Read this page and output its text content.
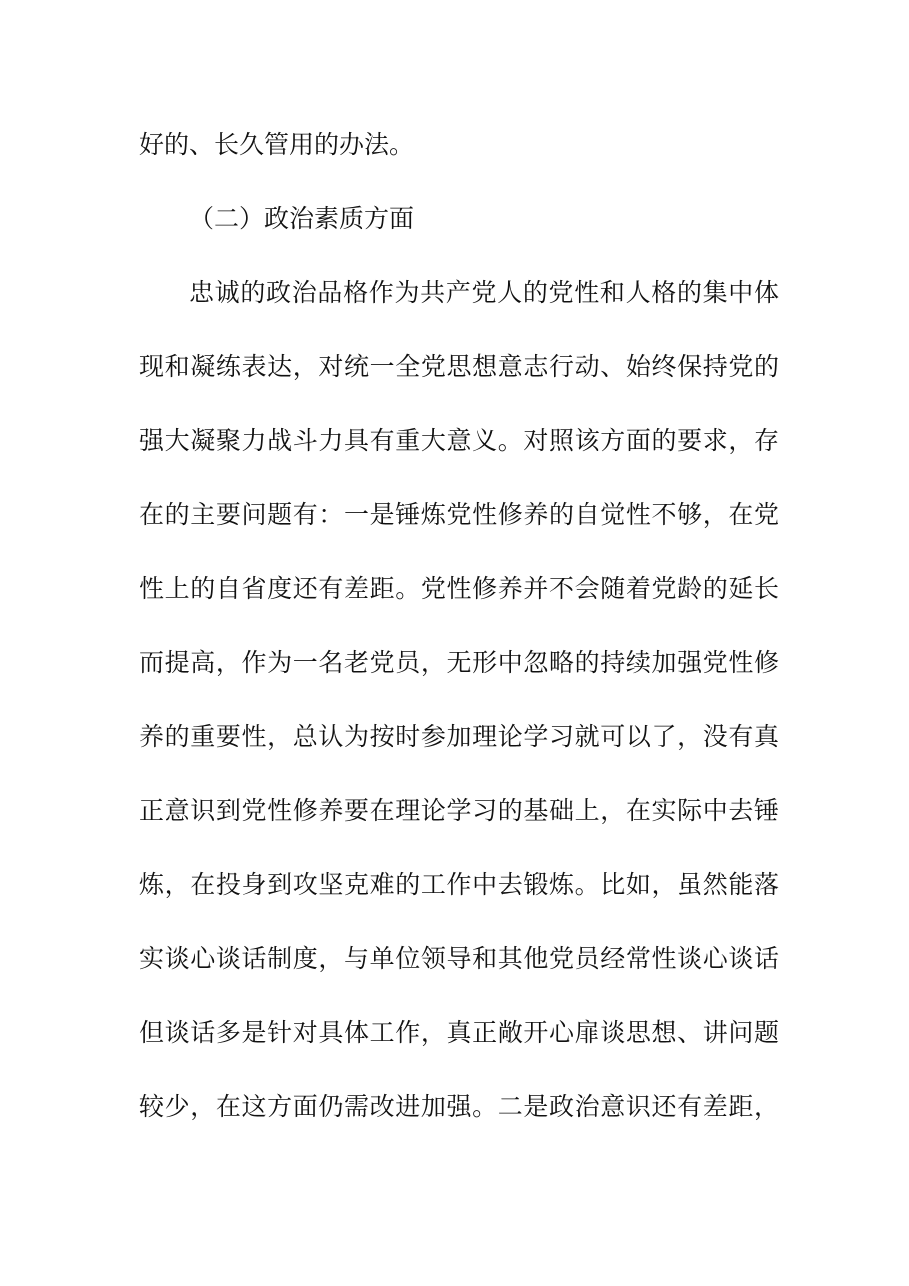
好的、长久管用的办法。
（二）政治素质方面
忠诚的政治品格作为共产党人的党性和人格的集中体
现和凝练表达，对统一全党思想意志行动、始终保持党的
强大凝聚力战斗力具有重大意义。对照该方面的要求，存
在的主要问题有：一是锤炼党性修养的自觉性不够，在党
性上的自省度还有差距。党性修养并不会随着党龄的延长
而提高，作为一名老党员，无形中忽略的持续加强党性修
养的重要性，总认为按时参加理论学习就可以了，没有真
正意识到党性修养要在理论学习的基础上，在实际中去锤
炼，在投身到攻坚克难的工作中去锻炼。比如，虽然能落
实谈心谈话制度，与单位领导和其他党员经常性谈心谈话
但谈话多是针对具体工作，真正敞开心扉谈思想、讲问题
较少，在这方面仍需改进加强。二是政治意识还有差距，
